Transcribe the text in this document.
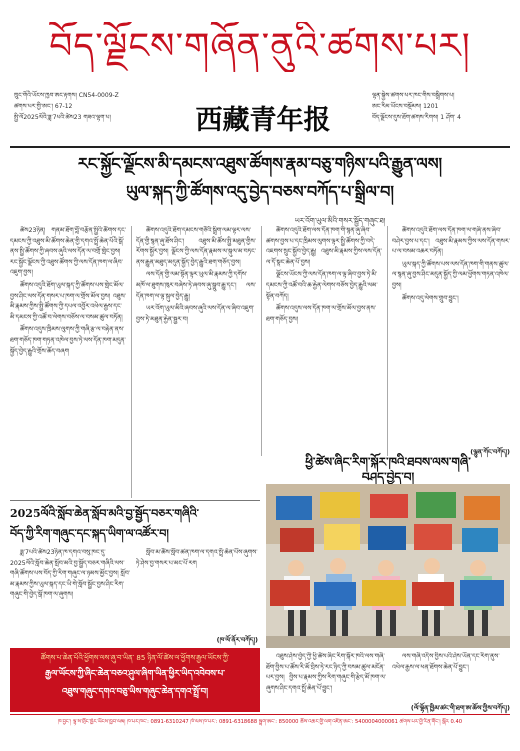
བོད་ལྗོངས་གཞོན་ནུའི་ཚགས་པར།
ཁྲུང་གོའི་ཡོངས་ཁྱབ་ཨང་རྟགས། CN54-0009-Z
ཚགས་པར་གྱི་ཨང་། 67-12
སྤྱི་ལོ2025ལོའི་ཟླ་7པའི་ཚེས23 གཟའ་ལྷག་པ།	西藏青年报
ལྷན་སྐྱེས་ཚགས་པར་ཁང་གིས་བསྒྲིགས་པ།
ཨང་རིམ་ཡོངས་བསྡོམས། 1201
བོད་ལྗོངས་དུས་ཐོག་ཚགས་རིགས། 1 ཤོག་ 4
རང་སྐྱོང་ལྗོངས་མི་དམངས་འཐུས་ཚོགས་རྣམ་བཅུ་གཉིས་པའི་རྒྱུན་ལས།
ཡུལ་སྐད་ཀྱི་ཚོགས་འདུ་བྱེད་བཅས་བཀོད་པ་སྒྲིལ་བ།
ཡར་འོག་ཡུལ་མིའི་གསར་སྦྱོད་གཞུང་ཐ།

ཚེས23ཉིན། གནམ་ཐོག་བློ་བརྩོན་སྤྱིའི་ཚོགས་དང་དམངས་ཀྱི་འཐུས་མི་ཚོགས་ཆེན་གྱི་དགའ་སྤྲོ་ཆེན་པོའི་སྒོ་ནས་སྤྱི་ཚོགས་ཀྱི་ཞབས་ཞུའི་ལས་དོན་ལ་བགྲོ་གླེང་བྱས། རང་སྐྱོང་ལྗོངས་ཀྱི་འཐུས་ཚོགས་ཀྱི་ལས་དོན་ཁག་ལ་ཞིབ་འཇུག་བྱས།

ཚོགས་འདུའི་ཐོག་ཡུལ་སྐད་ཀྱི་ཚོགས་པས་གླེང་མོལ་བྱས་ཤིང་ལས་དོན་གསར་པ་ཁག་ལ་གྲོས་མོལ་བྱས། འཐུས་མི་རྣམས་ཀྱིས་སྤྱི་ཚོགས་ཀྱི་དཔལ་འབྱོར་འཕེལ་རྒྱས་དང་མི་དམངས་ཀྱི་འཚོ་བ་ལེགས་བཅོས་ལ་བསམ་ཚུལ་བཏོན།

ཚོགས་འདུས་ཁྲིམས་ལུགས་ཀྱི་གཞི་རྩ་ལ་བརྟེན་ནས་ཐག་གཅོད་ཁག་གཏན་འཁེལ་བྱས་ཏེ་ལས་དོན་ཁག་མདུན་སྐྱོད་བྱེད་རྒྱུའི་གྲོས་ཆོད་བཞག

ཚོགས་འདུའི་ཐོག་དམངས་གཙོའི་སྒྲིག་ལམ་ལྟར་ལས་དོན་གྱི་སྙན་ཞུ་ཐོས་ཤིང་། འཐུས་མི་ཚོས་སྤྱི་མཐུན་གྱིས་རོགས་སྐྱོར་བྱས། ལྗོངས་ཀྱི་ལས་དོན་རྣམས་ལ་སྐུལ་མ་བཏང་ནས་རྒྱུན་མཐུད་མདུན་སྐྱོད་བྱེད་རྒྱུའི་ཐག་གཅོད་བྱས།

ལས་དོན་གྱི་ལམ་སྟོན་ལྟར་ཡུལ་མི་རྣམས་ཀྱི་དགོས་མཁོ་ལ་ཐུགས་ཁུར་བཞེས་ཏེ་ཞབས་ཞུ་སྒྲུབ་རྒྱུ་དང་། ལས་དོན་ཁག་ལ་ལྟ་སྐུལ་བྱེད་རྒྱུ།

ཡར་འོག་ཡུལ་མིའི་ཞབས་ཞུའི་ལས་དོན་ལ་ཞིབ་འཇུག་བྱས་ཏེ་མཐུན་རྐྱེན་སྦྱར་བ།

ཚོགས་འདུའི་ཐོག་ལས་དོན་ཁག་གི་སྙན་ཞུ་ཞིབ་ཚགས་བྱས་པ་དང་ཁྲིམས་ལུགས་ལྟར་སྤྱི་ཚོགས་ཀྱི་བདེ་འཇགས་སྲུང་སྐྱོབ་བྱེད་རྒྱུ། འཐུས་མི་རྣམས་ཀྱིས་ལས་དོན་ལ་དོ་སྣང་ཆེན་པོ་བྱས།

ལྗོངས་ཡོངས་ཀྱི་ལས་དོན་ཁག་ལ་ལྟ་ཞིབ་བྱས་ཏེ་མི་དམངས་ཀྱི་འཚོ་བའི་ཆ་རྐྱེན་ལེགས་བཅོས་བྱེད་རྒྱུའི་ལམ་སྟོན་བཀོད།

ཚོགས་འདུས་ལས་དོན་ཁག་ལ་གྲོས་མོལ་བྱས་ནས་ཐག་གཅོད་བྱས།

ཚོགས་འདུའི་ཐོག་ལས་དོན་ཁག་ལ་གཞི་ནས་ཞིབ་བཤེར་བྱས་པ་དང་། འཐུས་མི་རྣམས་ཀྱིས་ལས་དོན་གསར་པ་ལ་བསམ་འཆར་བཏོན།

ཡུལ་སྐད་ཀྱི་ཚོགས་པས་ལས་དོན་ཁག་གི་གནས་ཚུལ་ལ་སྙན་ཞུ་བྱས་ཤིང་མདུན་སྐྱོད་ཀྱི་ལམ་ཕྱོགས་གཏན་འཁེལ་བྱས།

ཚོགས་འདུ་ལེགས་གྲུབ་བྱུང་།

(ལྷུན་ཀོང་བཀོད།)
ཕྱི་ཚེས་ཞིང་རིག་སྐོར་ཁའི་ཐབས་ལས་གཞི་
བཤད་བྱེད་བ།
2025ལོའི་སློབ་ཆེན་སློབ་མའི་བྱ་སྦྱོད་བཅར་གཞིའི་
བོད་ཀྱི་རིག་གཞུང་དང་སྐད་ཡིག་ལ་འཚོར་བ།

ཟླ་7པའི་ཚེས23ཉིན་ཁ་དགའ་བསུ་ཁང་དུ་2025ལོའི་སློབ་ཆེན་སློབ་མའི་བྱ་སྦྱོད་བཅར་གཞིའི་ལས་གཞི་ཚོགས་པས་བོད་ཀྱི་རིག་གཞུང་ལ་ཉམས་མྱོང་བྱས། སློབ་མ་རྣམས་ཀྱིས་ཡུལ་སྐད་དང་ཡི་གེ་སློབ་སྦྱོང་བྱས་ཤིང་རིག་གཞུང་གི་བྱེད་སྒོ་ཁག་ལ་ཞུགས།

སློབ་མ་ཚོས་སློབ་ཚན་ཁག་ལ་དགའ་སྤྲོ་ཆེན་པོས་ཞུགས་ཏེ་ཤེས་བྱ་གསར་པ་མང་པོ་རག

(ཁ་ལོ་ནོར་བཀོད།)
ཚོགས་པ་ཆེན་པོའི་ཕྱོགས་ལས་ཞུ་བ་ཡིན་ 85 ཉིན་ལོ་ཚེས་ལ་ཕྱོགས་རྒྱལ་ཡོངས་ཀྱི་
རྒྱལ་ཡོངས་ཀྱི་ཞིང་ཆེན་བཅའ་ཤུལ་ཞིག་ཡིན་ཕྱིར་ཡིད་འབེབས་པ་
འཐུས་གཞུང་དགའ་བཅུ་ཡིས་གཞུང་ཆེན་དགའ་སྤྲོ་བ།

འཐུས་ཤེས་བྱེད་ཀྱི་ཕྱི་ཚེས་ཞིང་རིག་སྐོར་ཁའི་ལས་གཞི་ཐོག་བྱིས་པ་ཚོས་རི་མོ་བྲིས་ཏེ་རང་ཉིད་ཀྱི་བསམ་ཚུལ་མངོན་པར་བྱས། བྱིས་པ་རྣམས་ཀྱིས་རིག་གཞུང་གི་རྩེད་མོ་ཁག་ལ་ཞུགས་ཤིང་དགའ་སྤྲོ་ཆེན་པོ་བྱུང་།

ལས་གཞི་འདིས་བྱིས་པའི་ཤེས་ཡོན་དང་རིག་ནུས་འཕེལ་རྒྱས་ལ་ཕན་ཐོགས་ཆེན་པོ་བྱུང་།

(ལོ་ལྷོན་ཁྱིམ་ཚང་གི་ཐག་ཨ་ཆོས་ཀྱིས་བཀོད།)
ཁ་བྱང་། ལྷ་ས་གྲོང་ཁྱེར་ཡོངས་ཁྱབ་ལམ། ཁ་པར་ཁང་: 0891-6310247 ཁེ་ལས་ཁ་པར་: 0891-6318688 སྦྲག་ཨང་: 850000 ཆོས་འཆར་གྱི་ལག་འཛིན་ཨང་: 5400004000061 ཚགས་པར་གྱི་རིན་གོང་། སྒོར 0.40
